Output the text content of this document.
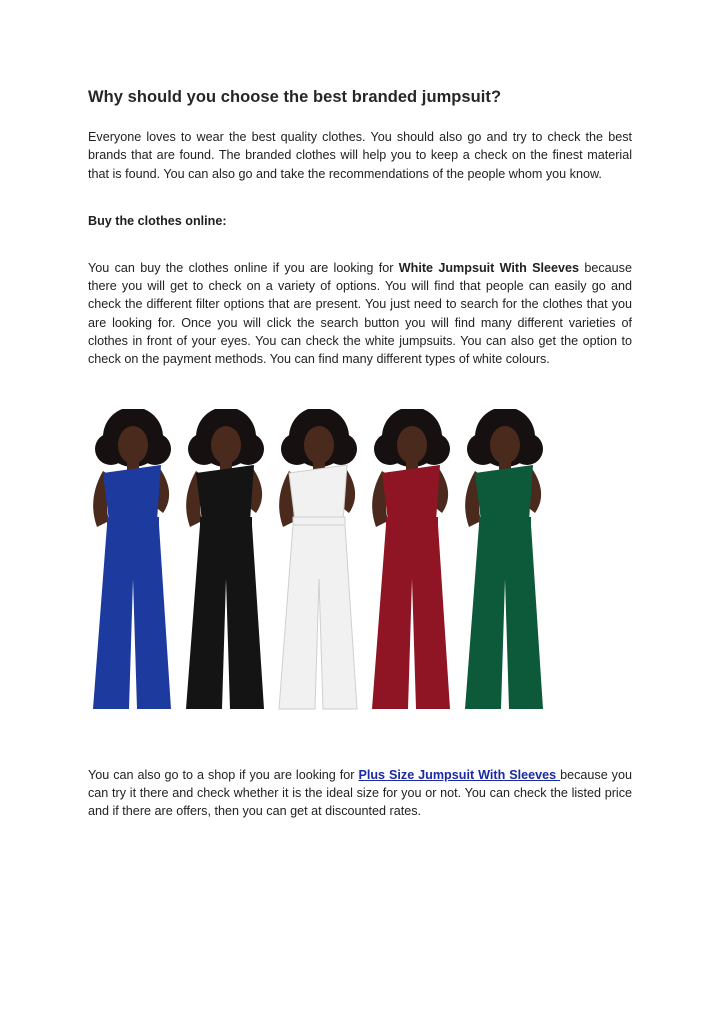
Why should you choose the best branded jumpsuit?

Everyone loves to wear the best quality clothes. You should also go and try to check the best brands that are found. The branded clothes will help you to keep a check on the finest material that is found. You can also go and take the recommendations of the people whom you know.

Buy the clothes online:

You can buy the clothes online if you are looking for White Jumpsuit With Sleeves because there you will get to check on a variety of options. You will find that people can easily go and check the different filter options that are present. You just need to search for the clothes that you are looking for. Once you will click the search button you will find many different varieties of clothes in front of your eyes. You can check the white jumpsuits. You can also get the option to check on the payment methods. You can find many different types of white colours.

You can also go to a shop if you are looking for Plus Size Jumpsuit With Sleeves because you can try it there and check whether it is the ideal size for you or not. You can check the listed price and if there are offers, then you can get at discounted rates.
